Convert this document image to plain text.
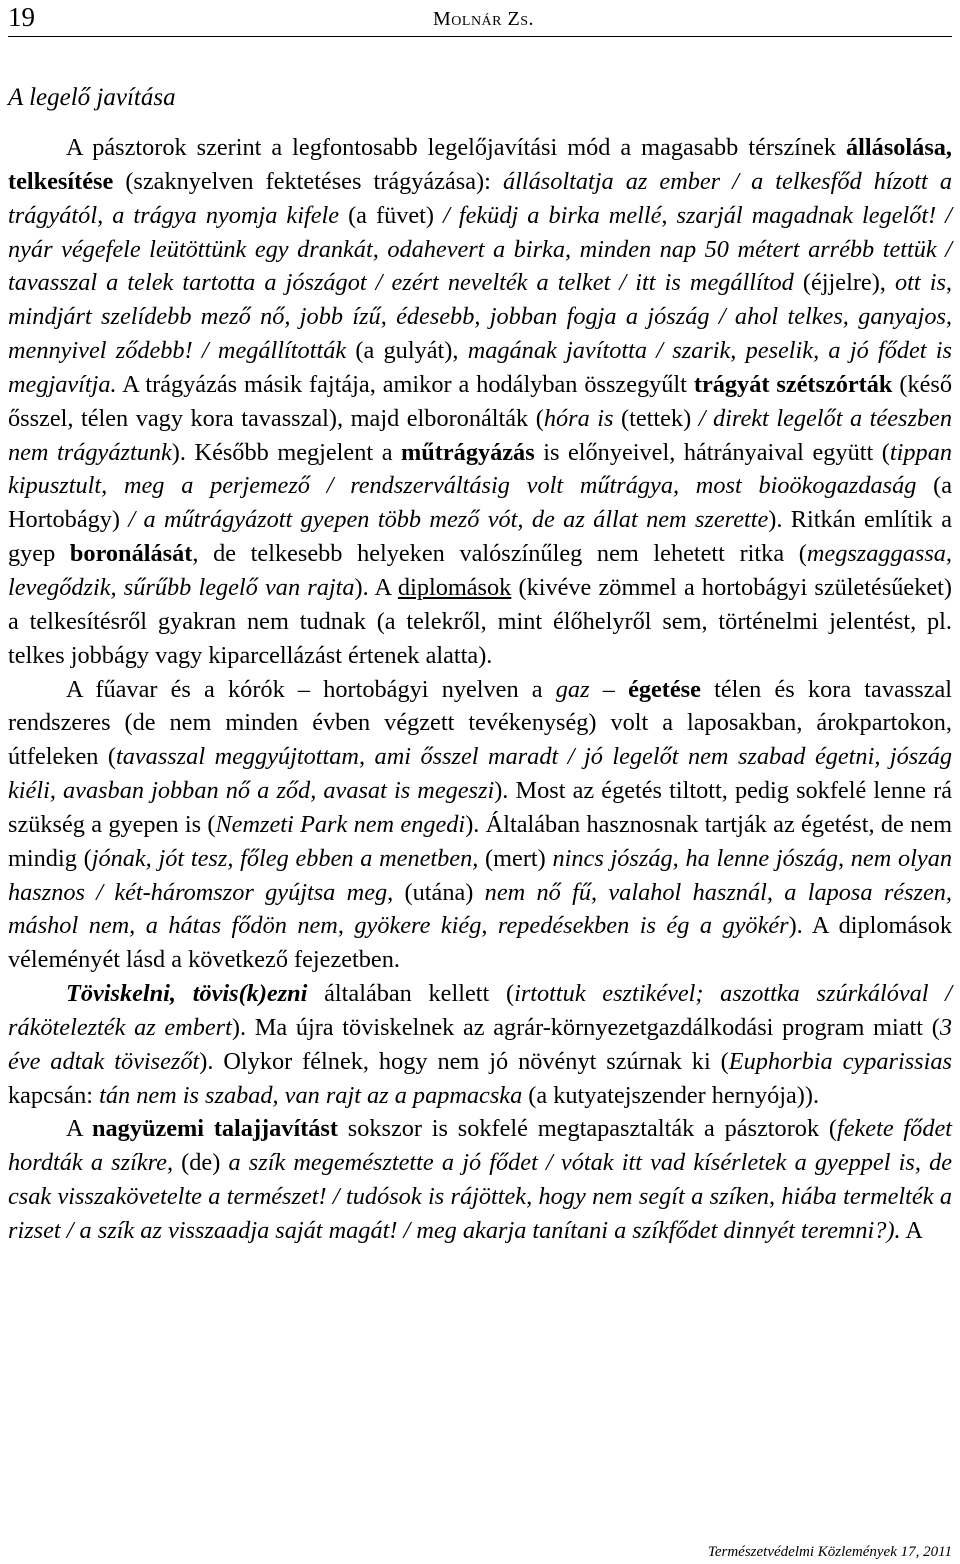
19	Molnár Zs.
A legelő javítása

A pásztorok szerint a legfontosabb legelőjavítási mód a magasabb térszínek állásolása, telkesítése (szaknyelven fektetéses trágyázása): állásoltatja az ember / a telkesfőd hízott a trágyától, a trágya nyomja kifele (a füvet) / feküdj a birka mellé, szarjál magadnak legelőt! / nyár végefele leütöttünk egy drankát, odahevert a birka, minden nap 50 métert arrébb tettük / tavasszal a telek tartotta a jószágot / ezért nevelték a telket / itt is megállítod (éjjelre), ott is, mindjárt szelídebb mező nő, jobb ízű, édesebb, jobban fogja a jószág / ahol telkes, ganyajos, mennyivel ződebb! / megállították (a gulyát), magának javította / szarik, peselik, a jó fődet is megjavítja. A trágyázás másik fajtája, amikor a hodályban összegyűlt trágyát szétszórták (késő ősszel, télen vagy kora tavasszal), majd elboronálták (hóra is (tettek) / direkt legelőt a téeszben nem trágyáztunk). Később megjelent a műtrágyázás is előnyeivel, hátrányaival együtt (tippan kipusztult, meg a perjemező / rendszerváltásig volt műtrágya, most bioökogazdaság (a Hortobágy) / a műtrágyázott gyepen több mező vót, de az állat nem szerette). Ritkán említik a gyep boronálását, de telkesebb helyeken valószínűleg nem lehetett ritka (megszaggassa, levegődzik, sűrűbb legelő van rajta). A diplomások (kivéve zömmel a hortobágyi születésűeket) a telkesítésről gyakran nem tudnak (a telekről, mint élőhelyről sem, történelmi jelentést, pl. telkes jobbágy vagy kiparcellázást értenek alatta).

A fűavar és a kórók – hortobágyi nyelven a gaz – égetése télen és kora tavasszal rendszeres (de nem minden évben végzett tevékenység) volt a laposakban, árokpartokon, útfeleken (tavasszal meggyújtottam, ami ősszel maradt / jó legelőt nem szabad égetni, jószág kiéli, avasban jobban nő a ződ, avasat is megeszi). Most az égetés tiltott, pedig sokfelé lenne rá szükség a gyepen is (Nemzeti Park nem engedi). Általában hasznosnak tartják az égetést, de nem mindig (jónak, jót tesz, főleg ebben a menetben, (mert) nincs jószág, ha lenne jószág, nem olyan hasznos / két-háromszor gyújtsa meg, (utána) nem nő fű, valahol használ, a laposa részen, máshol nem, a hátas fődön nem, gyökere kiég, repedésekben is ég a gyökér). A diplomások véleményét lásd a következő fejezetben.

Töviskelni, tövis(k)ezni általában kellett (irtottuk esztikével; aszottka szúrkálóval / rákötelezték az embert). Ma újra töviskelnek az agrár-környezetgazdálkodási program miatt (3 éve adtak tövisezőt). Olykor félnek, hogy nem jó növényt szúrnak ki (Euphorbia cyparissias kapcsán: tán nem is szabad, van rajt az a papmacska (a kutyatejszender hernyója)).

A nagyüzemi talajjavítást sokszor is sokfelé megtapasztalták a pásztorok (fekete fődet hordták a szíkre, (de) a szík megemésztette a jó fődet / vótak itt vad kísérletek a gyeppel is, de csak visszakövetelte a természet! / tudósok is rájöttek, hogy nem segít a szíken, hiába termelték a rizset / a szík az visszaadja saját magát! / meg akarja tanítani a szíkfődet dinnyét teremni?). A

Természetvédelmi Közlemények 17, 2011
